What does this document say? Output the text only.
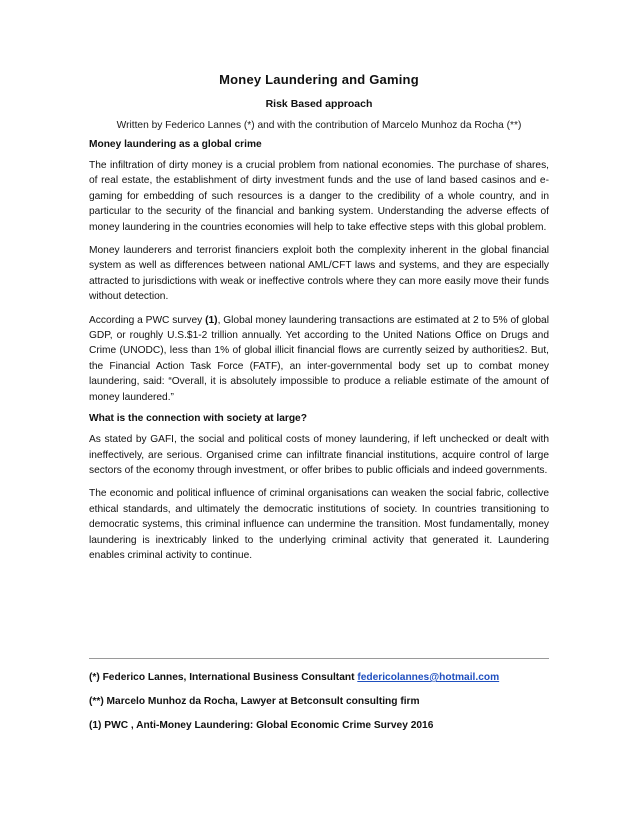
Money Laundering and Gaming
Risk Based approach
Written by Federico Lannes (*) and with the contribution of Marcelo Munhoz da Rocha (**)
Money laundering as a global crime

The infiltration of dirty money is a crucial problem from national economies. The purchase of shares, of real estate, the establishment of dirty investment funds and the use of land based casinos and e-gaming for embedding of such resources is a danger to the credibility of a whole country, and in particular to the security of the financial and banking system. Understanding the adverse effects of money laundering in the countries economies will help to take effective steps with this global problem.

Money launderers and terrorist financiers exploit both the complexity inherent in the global financial system as well as differences between national AML/CFT laws and systems, and they are especially attracted to jurisdictions with weak or ineffective controls where they can more easily move their funds without detection.

According a PWC survey (1), Global money laundering transactions are estimated at 2 to 5% of global GDP, or roughly U.S.$1-2 trillion annually. Yet according to the United Nations Office on Drugs and Crime (UNODC), less than 1% of global illicit financial flows are currently seized by authorities2. But, the Financial Action Task Force (FATF), an inter-governmental body set up to combat money laundering, said: “Overall, it is absolutely impossible to produce a reliable estimate of the amount of money laundered.”

What is the connection with society at large?

As stated by GAFI, the social and political costs of money laundering, if left unchecked or dealt with ineffectively, are serious. Organised crime can infiltrate financial institutions, acquire control of large sectors of the economy through investment, or offer bribes to public officials and indeed governments.

The economic and political influence of criminal organisations can weaken the social fabric, collective ethical standards, and ultimately the democratic institutions of society. In countries transitioning to democratic systems, this criminal influence can undermine the transition. Most fundamentally, money laundering is inextricably linked to the underlying criminal activity that generated it. Laundering enables criminal activity to continue.

(*) Federico Lannes, International Business Consultant federicolannes@hotmail.com
(**) Marcelo Munhoz da Rocha, Lawyer at Betconsult consulting firm
(1) PWC , Anti-Money Laundering: Global Economic Crime Survey 2016
